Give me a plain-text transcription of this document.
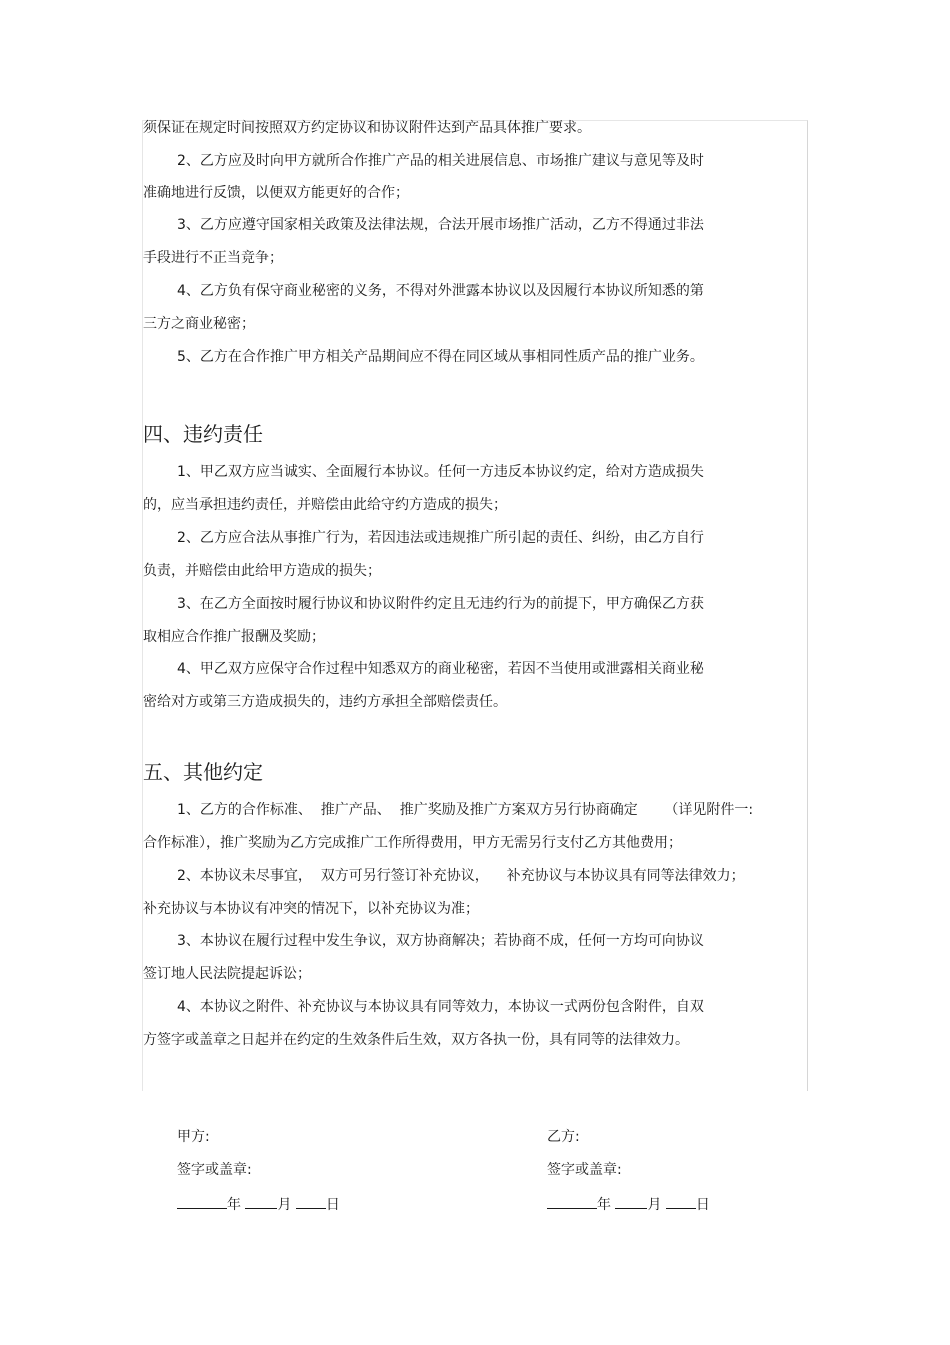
须保证在规定时间按照双方约定协议和协议附件达到产品具体推广要求。
2、乙方应及时向甲方就所合作推广产品的相关进展信息、市场推广建议与意见等及时
准确地进行反馈，以便双方能更好的合作；
3、乙方应遵守国家相关政策及法律法规，合法开展市场推广活动，乙方不得通过非法
手段进行不正当竞争；
4、乙方负有保守商业秘密的义务，不得对外泄露本协议以及因履行本协议所知悉的第
三方之商业秘密；
5、乙方在合作推广甲方相关产品期间应不得在同区域从事相同性质产品的推广业务。
四、违约责任
1、甲乙双方应当诚实、全面履行本协议。任何一方违反本协议约定，给对方造成损失
的，应当承担违约责任，并赔偿由此给守约方造成的损失；
2、乙方应合法从事推广行为，若因违法或违规推广所引起的责任、纠纷，由乙方自行
负责，并赔偿由此给甲方造成的损失；
3、在乙方全面按时履行协议和协议附件约定且无违约行为的前提下，甲方确保乙方获
取相应合作推广报酬及奖励；
4、甲乙双方应保守合作过程中知悉双方的商业秘密，若因不当使用或泄露相关商业秘
密给对方或第三方造成损失的，违约方承担全部赔偿责任。
五、其他约定
1、乙方的合作标准、  推广产品、  推广奖励及推广方案双方另行协商确定      （详见附件一:
合作标准），推广奖励为乙方完成推广工作所得费用，甲方无需另行支付乙方其他费用；
2、本协议未尽事宜，  双方可另行签订补充协议，    补充协议与本协议具有同等法律效力；
补充协议与本协议有冲突的情况下，以补充协议为准；
3、本协议在履行过程中发生争议，双方协商解决；若协商不成，任何一方均可向协议
签订地人民法院提起诉讼；
4、本协议之附件、补充协议与本协议具有同等效力，本协议一式两份包含附件，自双
方签字或盖章之日起并在约定的生效条件后生效，双方各执一份，具有同等的法律效力。
甲方:	乙方:
签字或盖章:	签字或盖章:
年	月 日	年	月 日
